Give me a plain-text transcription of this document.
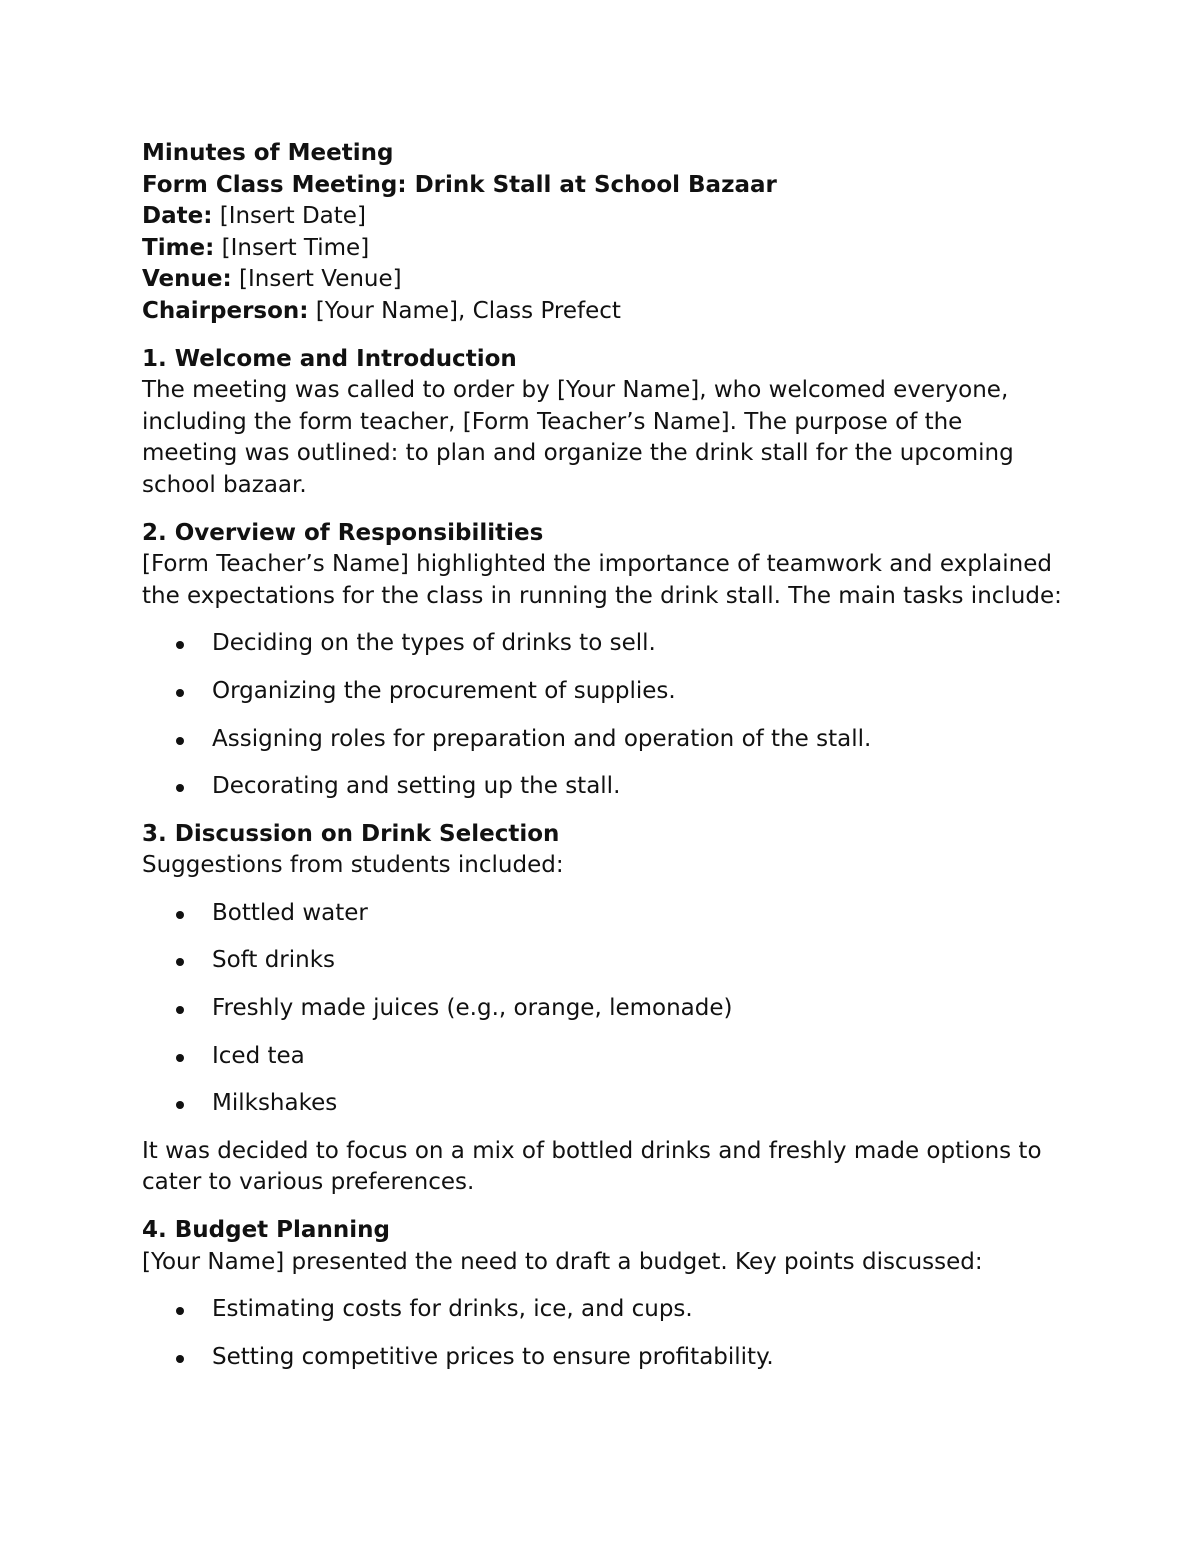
Minutes of Meeting

Form Class Meeting: Drink Stall at School Bazaar

Date: [Insert Date]

Time: [Insert Time]

Venue: [Insert Venue]

Chairperson: [Your Name], Class Prefect

1. Welcome and Introduction

The meeting was called to order by [Your Name], who welcomed everyone, including the form teacher, [Form Teacher’s Name]. The purpose of the meeting was outlined: to plan and organize the drink stall for the upcoming school bazaar.

2. Overview of Responsibilities

[Form Teacher’s Name] highlighted the importance of teamwork and explained the expectations for the class in running the drink stall. The main tasks include:

Deciding on the types of drinks to sell.
Organizing the procurement of supplies.
Assigning roles for preparation and operation of the stall.
Decorating and setting up the stall.

3. Discussion on Drink Selection

Suggestions from students included:

Bottled water
Soft drinks
Freshly made juices (e.g., orange, lemonade)
Iced tea
Milkshakes

It was decided to focus on a mix of bottled drinks and freshly made options to cater to various preferences.

4. Budget Planning

[Your Name] presented the need to draft a budget. Key points discussed:

Estimating costs for drinks, ice, and cups.
Setting competitive prices to ensure profitability.
